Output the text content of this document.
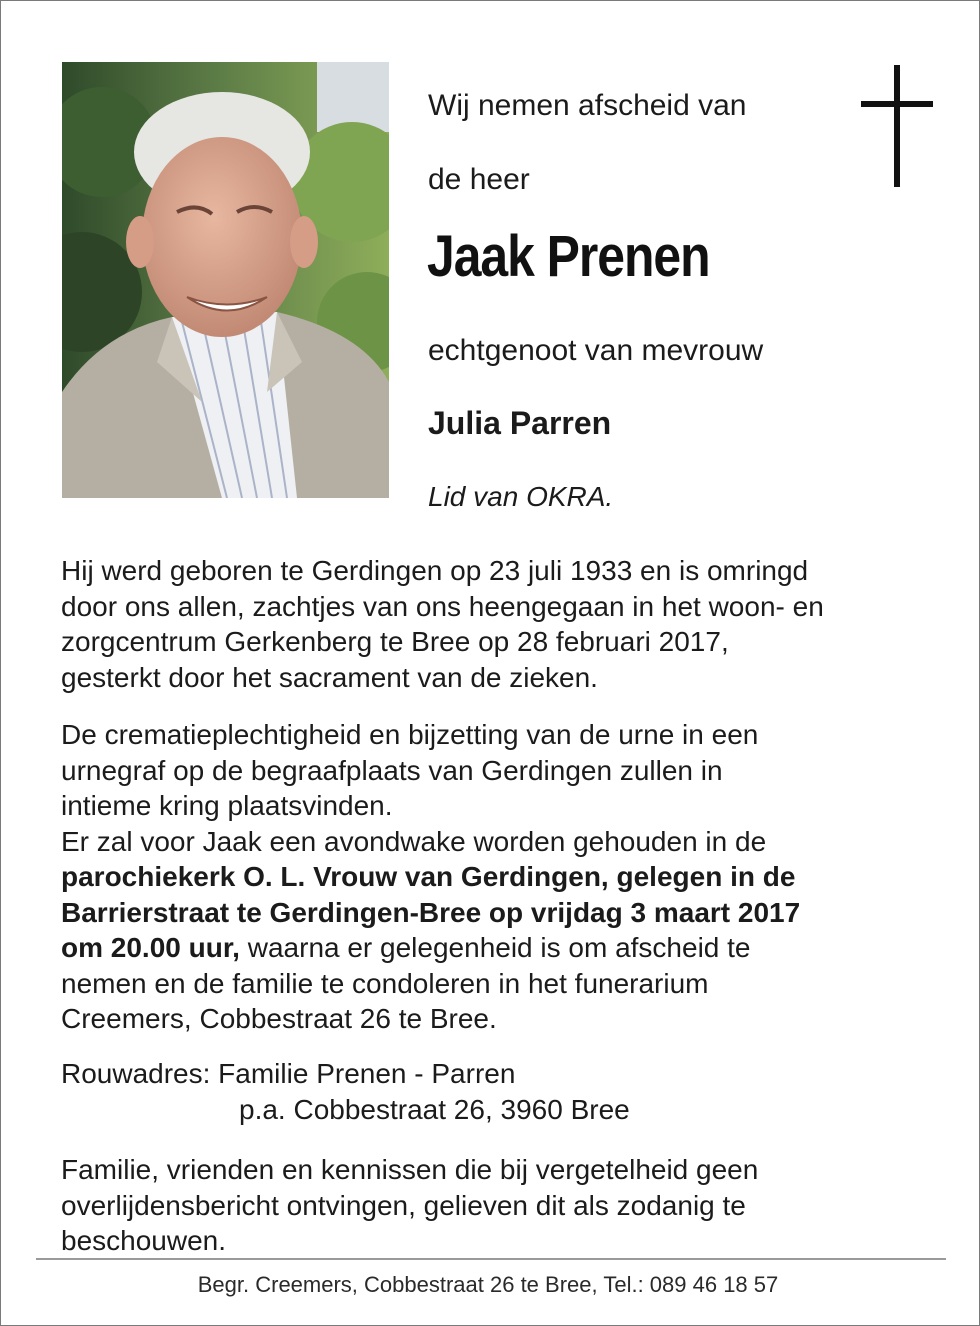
Wij nemen afscheid van

de heer

Jaak Prenen

echtgenoot van mevrouw

Julia Parren

Lid van OKRA.

Hij werd geboren te Gerdingen op 23 juli 1933 en is omringd
door ons allen, zachtjes van ons heengegaan in het woon- en
zorgcentrum Gerkenberg te Bree op 28 februari 2017,
gesterkt door het sacrament van de zieken.
De crematieplechtigheid en bijzetting van de urne in een
urnegraf op de begraafplaats van Gerdingen zullen in
intieme kring plaatsvinden.
Er zal voor Jaak een avondwake worden gehouden in de
parochiekerk O. L. Vrouw van Gerdingen, gelegen in de
Barrierstraat te Gerdingen-Bree op vrijdag 3 maart 2017
om 20.00 uur, waarna er gelegenheid is om afscheid te
nemen en de familie te condoleren in het funerarium
Creemers, Cobbestraat 26 te Bree.
Rouwadres: Familie Prenen - Parren
p.a. Cobbestraat 26, 3960 Bree
Familie, vrienden en kennissen die bij vergetelheid geen
overlijdensbericht ontvingen, gelieven dit als zodanig te
beschouwen.

Begr. Creemers, Cobbestraat 26 te Bree, Tel.: 089 46 18 57
